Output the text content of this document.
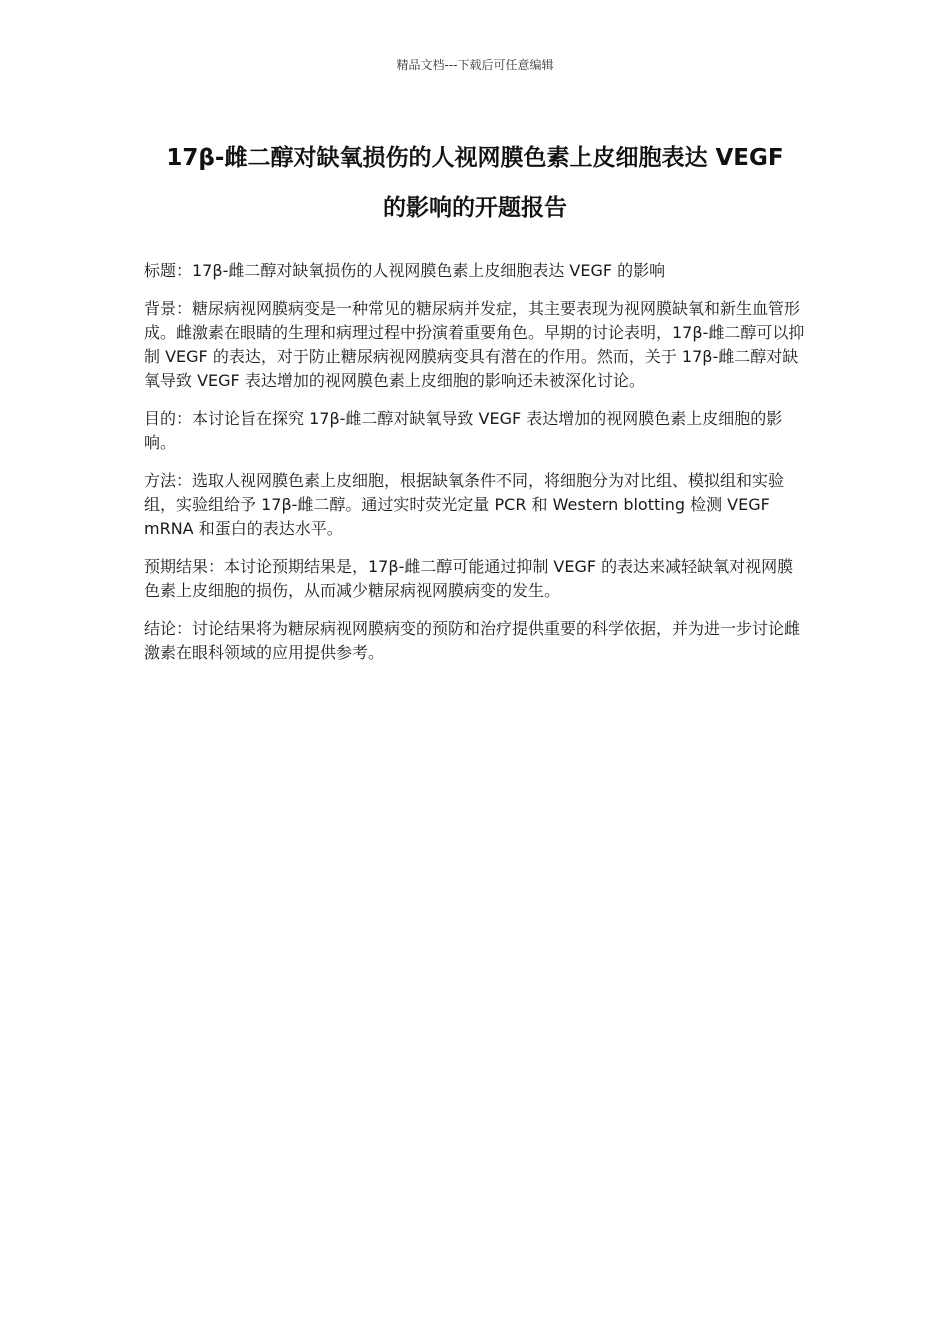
精品文档---下载后可任意编辑
17β-雌二醇对缺氧损伤的人视网膜色素上皮细胞表达 VEGF
的影响的开题报告

标题：17β-雌二醇对缺氧损伤的人视网膜色素上皮细胞表达 VEGF 的影响

背景：糖尿病视网膜病变是一种常见的糖尿病并发症，其主要表现为视网膜缺氧和新生血管形成。雌激素在眼睛的生理和病理过程中扮演着重要角色。早期的讨论表明，17β-雌二醇可以抑制 VEGF 的表达，对于防止糖尿病视网膜病变具有潜在的作用。然而，关于 17β-雌二醇对缺氧导致 VEGF 表达增加的视网膜色素上皮细胞的影响还未被深化讨论。

目的：本讨论旨在探究 17β-雌二醇对缺氧导致 VEGF 表达增加的视网膜色素上皮细胞的影响。

方法：选取人视网膜色素上皮细胞，根据缺氧条件不同，将细胞分为对比组、模拟组和实验组，实验组给予 17β-雌二醇。通过实时荧光定量 PCR 和 Western blotting 检测 VEGF mRNA 和蛋白的表达水平。

预期结果：本讨论预期结果是，17β-雌二醇可能通过抑制 VEGF 的表达来减轻缺氧对视网膜色素上皮细胞的损伤，从而减少糖尿病视网膜病变的发生。

结论：讨论结果将为糖尿病视网膜病变的预防和治疗提供重要的科学依据，并为进一步讨论雌激素在眼科领域的应用提供参考。
